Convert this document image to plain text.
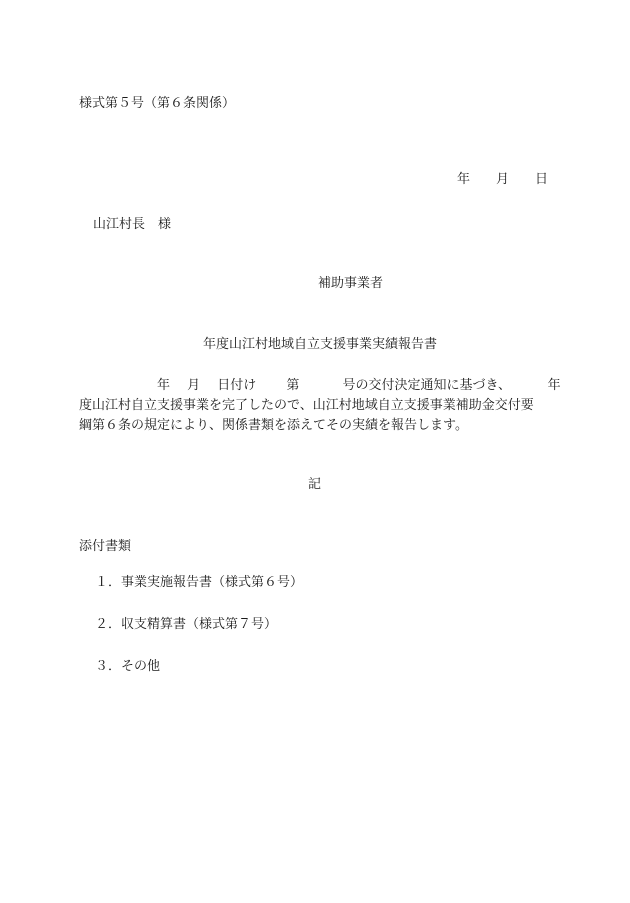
様式第５号（第６条関係）

年 月 日

山江村長　様
補助事業者
年度山江村地域自立支援事業実績報告書
　　　　　　年　 月　 日付け　　 第　　　 号の交付決定通知に基づき、　　　 年
度山江村自立支援事業を完了したので、山江村地域自立支援事業補助金交付要
綱第６条の規定により、関係書類を添えてその実績を報告します。
記
添付書類
１．事業実施報告書（様式第６号）
２．収支精算書（様式第７号）
３．その他
